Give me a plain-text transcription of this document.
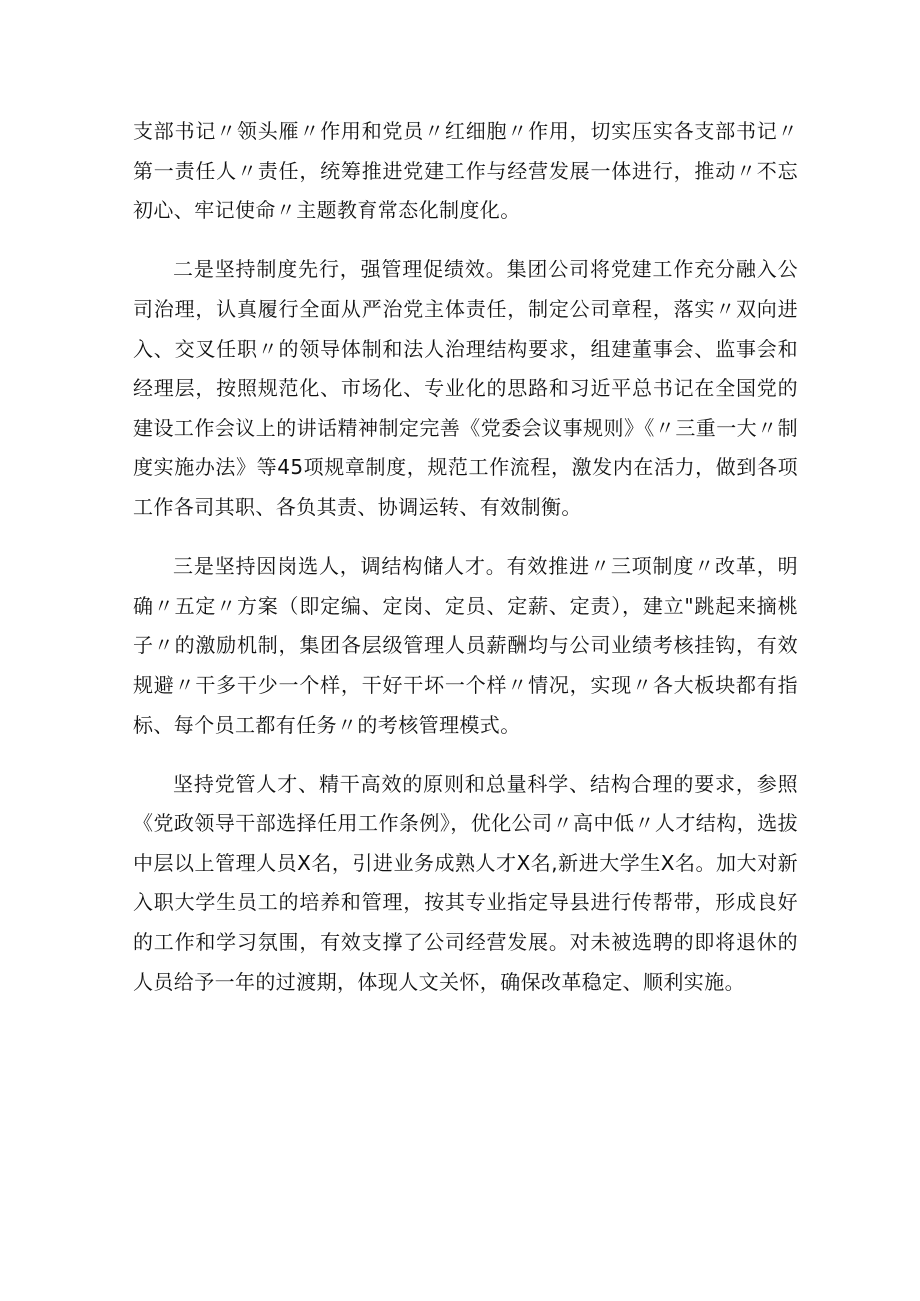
支部书记〃领头雁〃作用和党员〃红细胞〃作用，切实压实各支部书记〃第一责任人〃责任，统筹推进党建工作与经营发展一体进行，推动〃不忘初心、牢记使命〃主题教育常态化制度化。

二是坚持制度先行，强管理促绩效。集团公司将党建工作充分融入公司治理，认真履行全面从严治党主体责任，制定公司章程，落实〃双向进入、交叉任职〃的领导体制和法人治理结构要求，组建董事会、监事会和经理层，按照规范化、市场化、专业化的思路和习近平总书记在全国党的建设工作会议上的讲话精神制定完善《党委会议事规则》《〃三重一大〃制度实施办法》等45项规章制度，规范工作流程，激发内在活力，做到各项工作各司其职、各负其责、协调运转、有效制衡。

三是坚持因岗选人，调结构储人才。有效推进〃三项制度〃改革，明确〃五定〃方案（即定编、定岗、定员、定薪、定责），建立"跳起来摘桃子〃的激励机制，集团各层级管理人员薪酬均与公司业绩考核挂钩，有效规避〃干多干少一个样，干好干坏一个样〃情况，实现〃各大板块都有指标、每个员工都有任务〃的考核管理模式。

坚持党管人才、精干高效的原则和总量科学、结构合理的要求，参照《党政领导干部选择任用工作条例》，优化公司〃高中低〃人才结构，选拔中层以上管理人员X名，引进业务成熟人才X名,新进大学生X名。加大对新入职大学生员工的培养和管理，按其专业指定导县进行传帮带，形成良好的工作和学习氛围，有效支撑了公司经营发展。对未被选聘的即将退休的人员给予一年的过渡期，体现人文关怀，确保改革稳定、顺利实施。
